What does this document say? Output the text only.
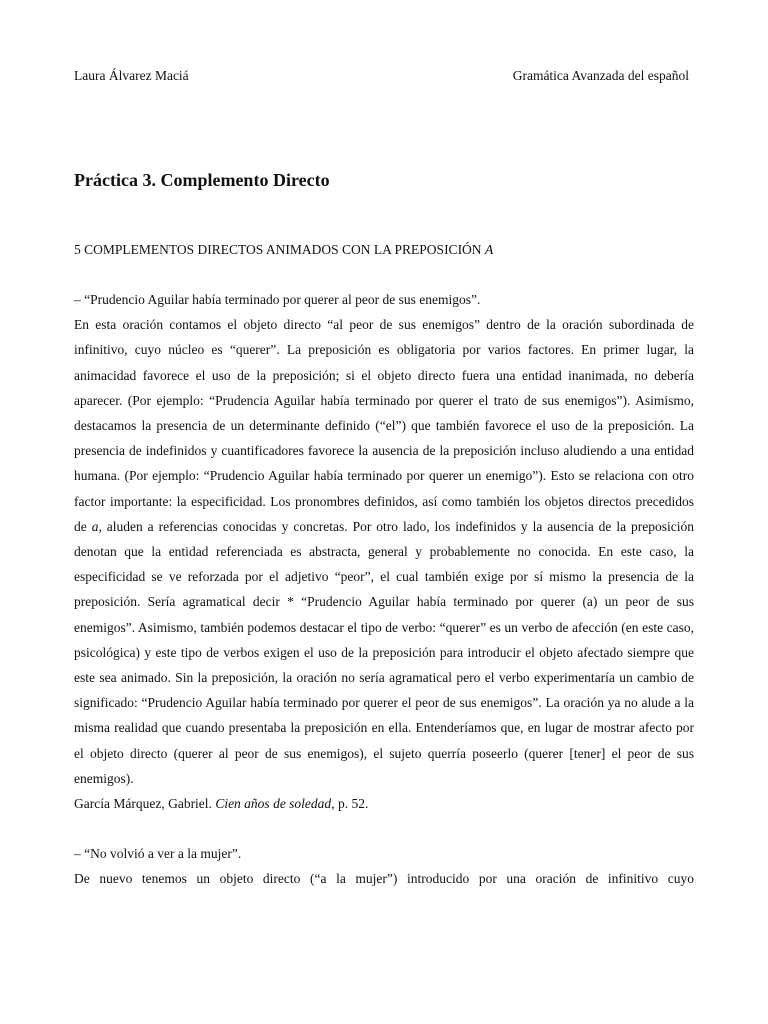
Laura Álvarez Maciá	Gramática Avanzada del español
Práctica 3. Complemento Directo
5 COMPLEMENTOS DIRECTOS ANIMADOS CON LA PREPOSICIÓN A

– “Prudencio Aguilar había terminado por querer al peor de sus enemigos”.

En esta oración contamos el objeto directo “al peor de sus enemigos” dentro de la oración subordinada de infinitivo, cuyo núcleo es “querer”. La preposición es obligatoria por varios factores. En primer lugar, la animacidad favorece el uso de la preposición; si el objeto directo fuera una entidad inanimada, no debería aparecer. (Por ejemplo: “Prudencia Aguilar había terminado por querer el trato de sus enemigos”). Asimismo, destacamos la presencia de un determinante definido (“el”) que también favorece el uso de la preposición. La presencia de indefinidos y cuantificadores favorece la ausencia de la preposición incluso aludiendo a una entidad humana. (Por ejemplo: “Prudencio Aguilar había terminado por querer un enemigo”). Esto se relaciona con otro factor importante: la especificidad. Los pronombres definidos, así como también los objetos directos precedidos de a, aluden a referencias conocidas y concretas. Por otro lado, los indefinidos y la ausencia de la preposición denotan que la entidad referenciada es abstracta, general y probablemente no conocida. En este caso, la especificidad se ve reforzada por el adjetivo “peor”, el cual también exige por sí mismo la presencia de la preposición. Sería agramatical decir * “Prudencio Aguilar había terminado por querer (a) un peor de sus enemigos”. Asimismo, también podemos destacar el tipo de verbo: “querer” es un verbo de afección (en este caso, psicológica) y este tipo de verbos exigen el uso de la preposición para introducir el objeto afectado siempre que este sea animado. Sin la preposición, la oración no sería agramatical pero el verbo experimentaría un cambio de significado: “Prudencio Aguilar había terminado por querer el peor de sus enemigos”. La oración ya no alude a la misma realidad que cuando presentaba la preposición en ella. Entenderíamos que, en lugar de mostrar afecto por el objeto directo (querer al peor de sus enemigos), el sujeto querría poseerlo (querer [tener] el peor de sus enemigos).

García Márquez, Gabriel. Cien años de soledad, p. 52.

– “No volvió a ver a la mujer”.

De nuevo tenemos un objeto directo (“a la mujer”) introducido por una oración de infinitivo cuyo
